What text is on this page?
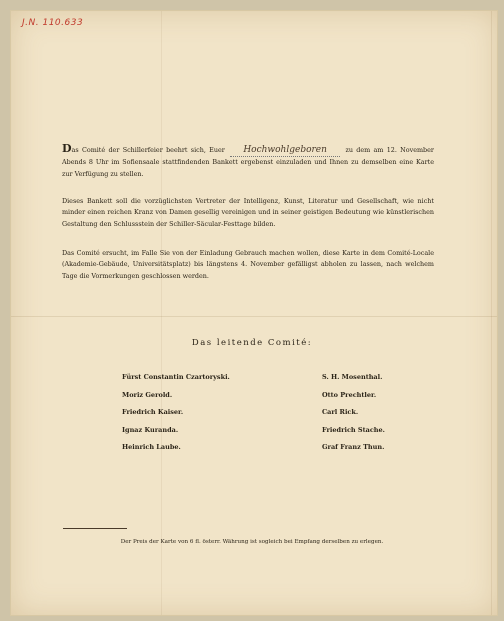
J.N. 110.633
Das Comité der Schillerfeier beehrt sich, Euer Hochwohlgeboren	zu dem am 12. November Abends 8 Uhr im Sofiensaale stattfindenden Bankett ergebenst einzuladen und Ihnen zu demselben eine Karte zur Verfügung zu stellen.
Dieses Bankett soll die vorzüglichsten Vertreter der Intelligenz, Kunst, Literatur und Gesellschaft, wie nicht minder einen reichen Kranz von Damen gesellig vereinigen und in seiner geistigen Bedeutung wie künstlerischen Gestaltung den Schlussstein der Schiller-Säcular-Festtage bilden.
Das Comité ersucht, im Falle Sie von der Einladung Gebrauch machen wollen, diese Karte in dem Comité-Locale (Akademie-Gebäude, Universitätsplatz) bis längstens 4. November gefälligst abholen zu lassen, nach welchem Tage die Vormerkungen geschlossen werden.
Das leitende Comité:
Fürst Constantin Czartoryski.
Moriz Gerold.
Friedrich Kaiser.
Ignaz Kuranda.
Heinrich Laube.
S. H. Mosenthal.
Otto Prechtler.
Carl Rick.
Friedrich Stache.
Graf Franz Thun.
Der Preis der Karte von 6 fl. österr. Währung ist sogleich bei Empfang derselben zu erlegen.
